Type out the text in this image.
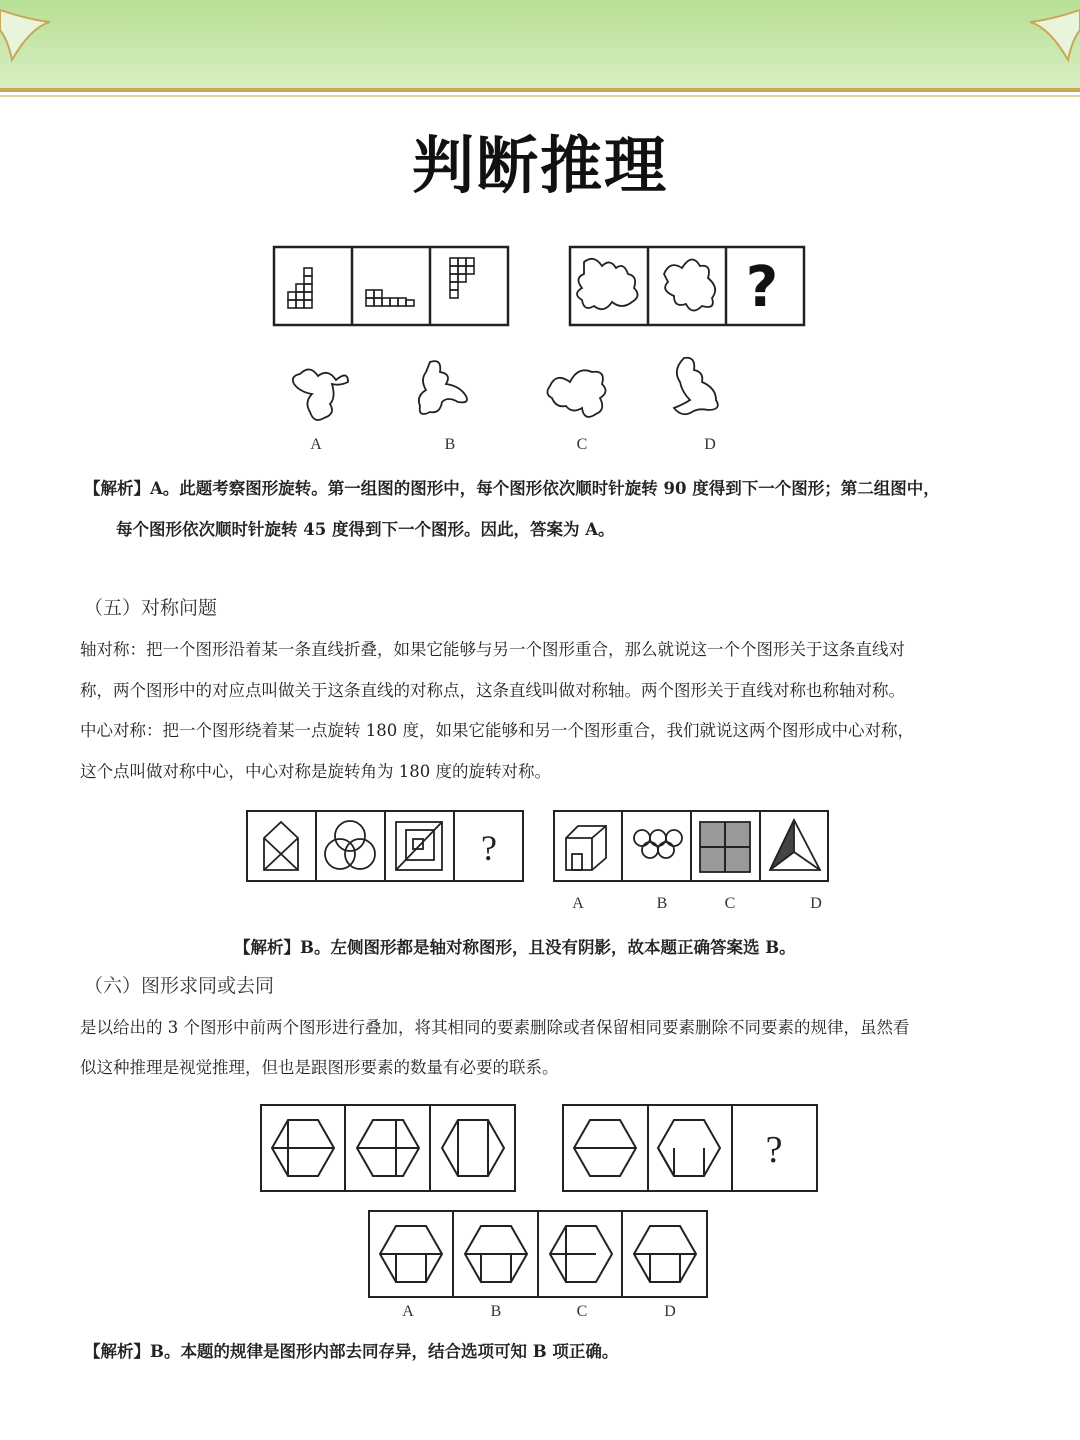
判断推理
?
A	B	C	D
【解析】A。此题考察图形旋转。第一组图的图形中，每个图形依次顺时针旋转 90 度得到下一个图形；第二组图中，
每个图形依次顺时针旋转 45 度得到下一个图形。因此，答案为 A。
（五）对称问题
轴对称：把一个图形沿着某一条直线折叠，如果它能够与另一个图形重合，那么就说这一个个图形关于这条直线对
称，两个图形中的对应点叫做关于这条直线的对称点，这条直线叫做对称轴。两个图形关于直线对称也称轴对称。
中心对称：把一个图形绕着某一点旋转 180 度，如果它能够和另一个图形重合，我们就说这两个图形成中心对称，
这个点叫做对称中心，中心对称是旋转角为 180 度的旋转对称。
?
A	B	C	D
【解析】B。左侧图形都是轴对称图形，且没有阴影，故本题正确答案选 B。
（六）图形求同或去同
是以给出的 3 个图形中前两个图形进行叠加，将其相同的要素删除或者保留相同要素删除不同要素的规律，虽然看
似这种推理是视觉推理，但也是跟图形要素的数量有必要的联系。
?
A	B	C	D
【解析】B。本题的规律是图形内部去同存异，结合选项可知 B 项正确。
